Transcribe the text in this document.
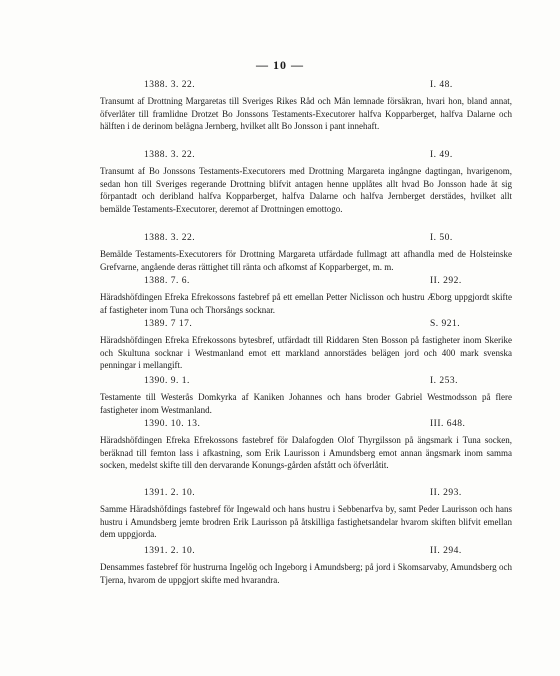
— 10 —
1388. 3. 22.	I. 48.
Transumt af Drottning Margaretas till Sveriges Rikes Råd och Män lemnade försäkran, hvari hon, bland annat, öfverlåter till framlidne Drotzet Bo Jonssons Testaments-Executorer halfva Kopparberget, halfva Dalarne och hälften i de derinom belägna Jernberg, hvilket allt Bo Jonsson i pant innehaft.
1388. 3. 22.	I. 49.
Transumt af Bo Jonssons Testaments-Executorers med Drottning Margareta ingångne dagtingan, hvarigenom, sedan hon till Sveriges regerande Drottning blifvit antagen henne upplåtes allt hvad Bo Jonsson hade ät sig förpantadt och deribland halfva Kopparberget, halfva Dalarne och halfva Jernberget derstädes, hvilket allt bemälde Testaments-Executorer, deremot af Drottningen emottogo.
1388. 3. 22.	I. 50.
Bemälde Testaments-Executorers för Drottning Margareta utfärdade fullmagt att afhandla med de Holsteinske Grefvarne, angående deras rättighet till ränta och afkomst af Kopparberget, m. m.
1388. 7. 6.	II. 292.
Häradshöfdingen Efreka Efrekossons fastebref på ett emellan Petter Niclisson och hustru Æborg uppgjordt skifte af fastigheter inom Tuna och Thorsångs socknar.
1389. 7 17.	S. 921.
Häradshöfdingen Efreka Efrekossons bytesbref, utfärdadt till Riddaren Sten Bosson på fastigheter inom Skerike och Skultuna socknar i Westmanland emot ett markland annorstädes belägen jord och 400 mark svenska penningar i mellangift.
1390. 9. 1.	I. 253.
Testamente till Westerås Domkyrka af Kaniken Johannes och hans broder Gabriel Westmodsson på flere fastigheter inom Westmanland.
1390. 10. 13.	III. 648.
Häradshöfdingen Efreka Efrekossons fastebref för Dalafogden Olof Thyrgilsson på ängsmark i Tuna socken, beräknad till femton lass i afkastning, som Erik Laurisson i Amundsberg emot annan ängsmark inom samma socken, medelst skifte till den dervarande Konungs-gården afstått och öfverlåtit.
1391. 2. 10.	II. 293.
Samme Häradshöfdings fastebref för Ingewald och hans hustru i Sebbenarfva by, samt Peder Laurisson och hans hustru i Amundsberg jemte brodren Erik Laurisson på åtskilliga fastighetsandelar hvarom skiften blifvit emellan dem uppgjorda.
1391. 2. 10.	II. 294.
Densammes fastebref för hustrurna Ingelög och Ingeborg i Amundsberg; på jord i Skomsarvaby, Amundsberg och Tjerna, hvarom de uppgjort skifte med hvarandra.
